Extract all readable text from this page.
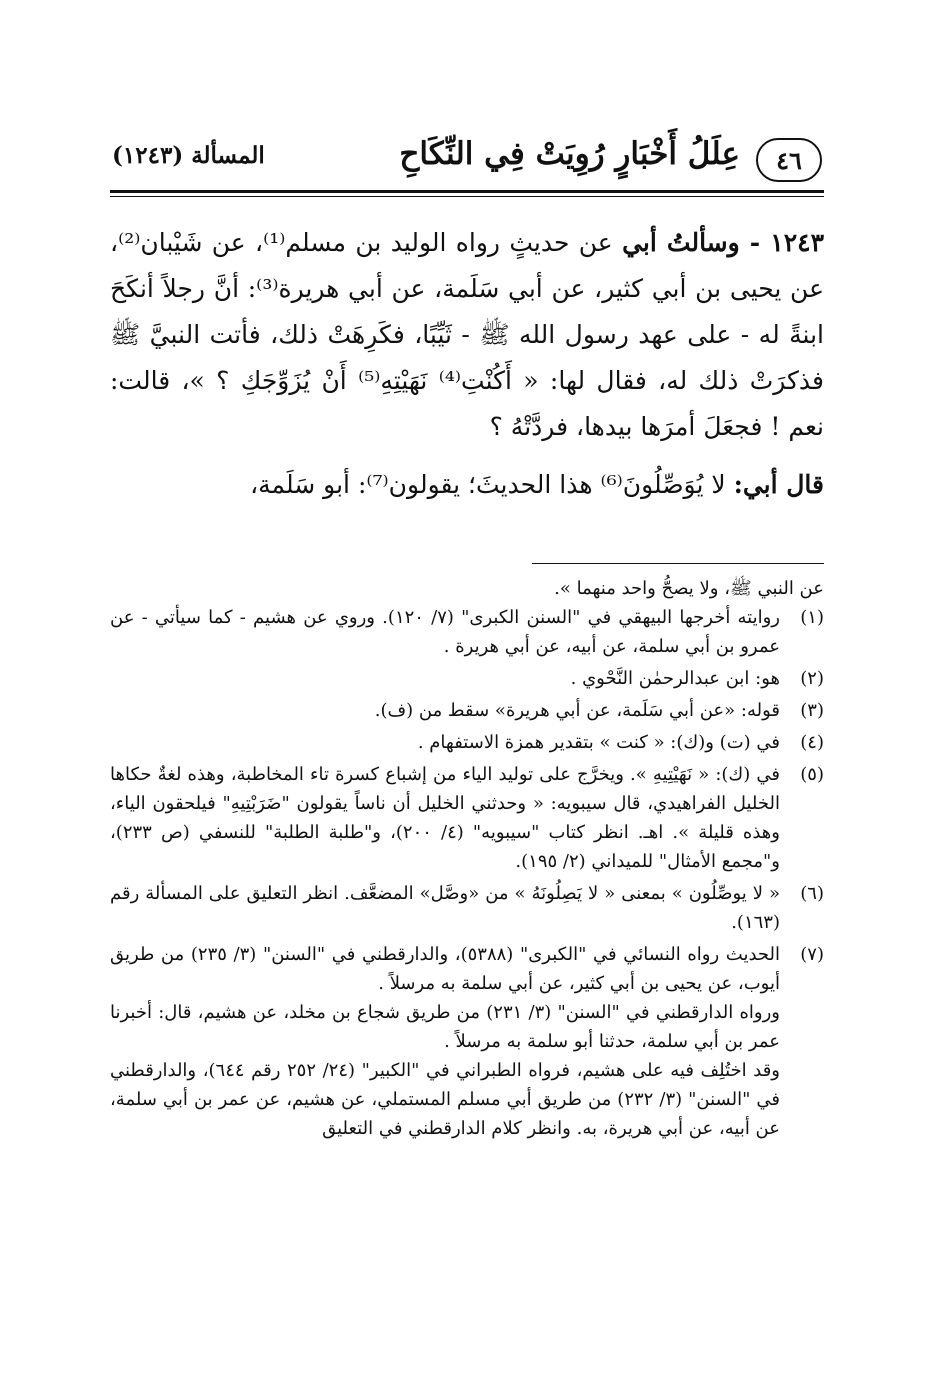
٤٦
عِلَلُ أَخْبَارٍ رُوِيَتْ فِي النِّكَاحِ
المسألة (١٢٤٣)

١٢٤٣ - وسألتُ أبي عن حديثٍ رواه الوليد بن مسلم⁽¹⁾، عن شَيْبان⁽²⁾، عن يحيى بن أبي كثير، عن أبي سَلَمة، عن أبي هريرة⁽³⁾: أنَّ رجلاً أنكَحَ ابنةً له - على عهد رسول الله ﷺ - ثَيِّبًا، فكَرِهَتْ ذلك، فأتت النبيَّ ﷺ فذكرَتْ ذلك له، فقال لها: « أَكُنْتِ⁽⁴⁾ نَهَيْتِهِ⁽⁵⁾ أَنْ يُزَوِّجَكِ ؟ »، قالت: نعم ! فجعَلَ أمرَها بيدها، فردَّتْهُ ؟

قال أبي: لا يُوَصِّلُونَ⁽⁶⁾ هذا الحديثَ؛ يقولون⁽⁷⁾: أبو سَلَمة،

عن النبي ﷺ، ولا يصحُّ واحد منهما ».

(١)

روايته أخرجها البيهقي في "السنن الكبرى" (٧/ ١٢٠). وروي عن هشيم - كما سيأتي - عن عمرو بن أبي سلمة، عن أبيه، عن أبي هريرة .

(٢)

هو: ابن عبدالرحمٰن النَّحْوي .

(٣)

قوله: «عن أبي سَلَمة، عن أبي هريرة» سقط من (ف).

(٤)

في (ت) و(ك): « كنت » بتقدير همزة الاستفهام .

(٥)

في (ك): « نَهَيْتِيهِ ». ويخرَّج على توليد الياء من إشباع كسرة تاء المخاطبة، وهذه لغةٌ حكاها الخليل الفراهيدي، قال سيبويه: « وحدثني الخليل أن ناساً يقولون "ضَرَبْتِيهِ" فيلحقون الياء، وهذه قليلة ». اهـ. انظر كتاب "سيبويه" (٤/ ٢٠٠)، و"طلبة الطلبة" للنسفي (ص ٢٣٣)، و"مجمع الأمثال" للميداني (٢/ ١٩٥).

(٦)

« لا يوصِّلُون » بمعنى « لا يَصِلُونَهُ » من «وصَّل» المضعَّف. انظر التعليق على المسألة رقم (١٦٣).

(٧)

الحديث رواه النسائي في "الكبرى" (٥٣٨٨)، والدارقطني في "السنن" (٣/ ٢٣٥) من طريق أيوب، عن يحيى بن أبي كثير، عن أبي سلمة به مرسلاً .

ورواه الدارقطني في "السنن" (٣/ ٢٣١) من طريق شجاع بن مخلد، عن هشيم، قال: أخبرنا عمر بن أبي سلمة، حدثنا أبو سلمة به مرسلاً .

وقد اختُلِف فيه على هشيم، فرواه الطبراني في "الكبير" (٢٤/ ٢٥٢ رقم ٦٤٤)، والدارقطني في "السنن" (٣/ ٢٣٢) من طريق أبي مسلم المستملي، عن هشيم، عن عمر بن أبي سلمة، عن أبيه، عن أبي هريرة، به. وانظر كلام الدارقطني في التعليق
